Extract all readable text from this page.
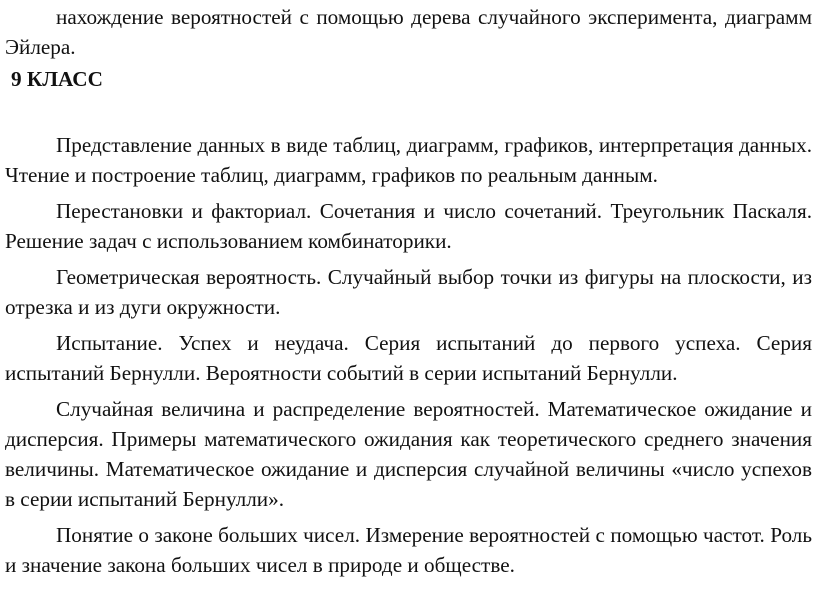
нахождение вероятностей с помощью дерева случайного эксперимента, диаграмм Эйлера.

9 КЛАСС

Представление данных в виде таблиц, диаграмм, графиков, интерпретация данных. Чтение и построение таблиц, диаграмм, графиков по реальным данным.

Перестановки и факториал. Сочетания и число сочетаний. Треугольник Паскаля. Решение задач с использованием комбинаторики.

Геометрическая вероятность. Случайный выбор точки из фигуры на плоскости, из отрезка и из дуги окружности.

Испытание. Успех и неудача. Серия испытаний до первого успеха. Серия испытаний Бернулли. Вероятности событий в серии испытаний Бернулли.

Случайная величина и распределение вероятностей. Математическое ожидание и дисперсия. Примеры математического ожидания как теоретического среднего значения величины. Математическое ожидание и дисперсия случайной величины «число успехов в серии испытаний Бернулли».

Понятие о законе больших чисел. Измерение вероятностей с помощью частот. Роль и значение закона больших чисел в природе и обществе.
